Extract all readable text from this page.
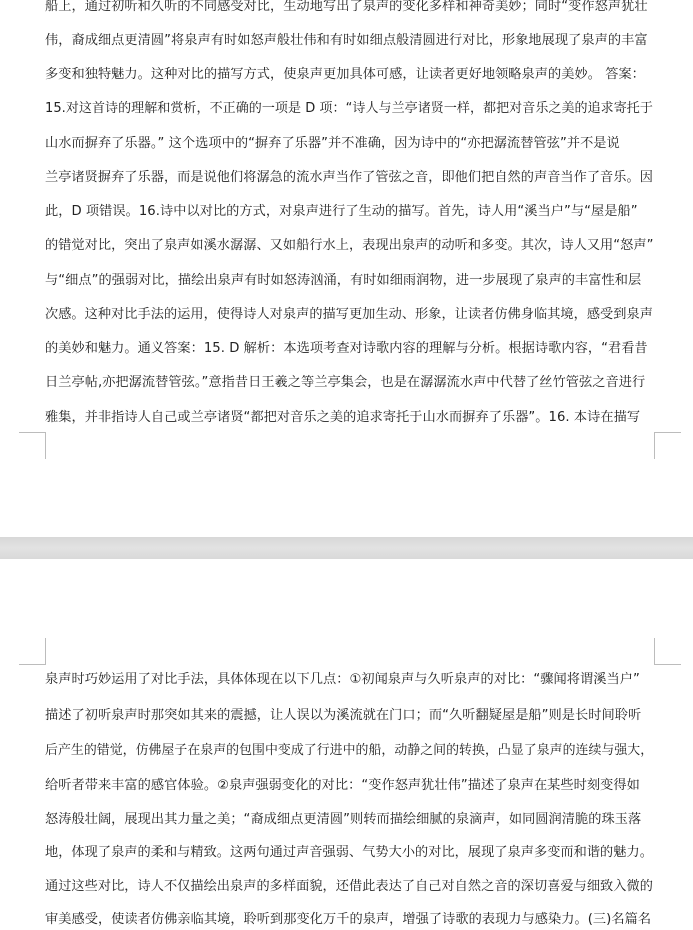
船上，通过初听和久听的不同感受对比，生动地写出了泉声的变化多样和神奇美妙；同时“变作怒声犹壮
伟，裔成细点更清圆”将泉声有时如怒声般壮伟和有时如细点般清圆进行对比，形象地展现了泉声的丰富
多变和独特魅力。这种对比的描写方式，使泉声更加具体可感，让读者更好地领略泉声的美妙。 答案：
15.对这首诗的理解和赏析，不正确的一项是 D 项：“诗人与兰亭诸贤一样，都把对音乐之美的追求寄托于
山水而摒弃了乐器。” 这个选项中的“摒弃了乐器”并不准确，因为诗中的“亦把潺流替管弦”并不是说
兰亭诸贤摒弃了乐器，而是说他们将潺急的流水声当作了管弦之音，即他们把自然的声音当作了音乐。因
此，D 项错误。16.诗中以对比的方式，对泉声进行了生动的描写。首先，诗人用“溪当户”与“屋是船”
的错觉对比，突出了泉声如溪水潺潺、又如船行水上，表现出泉声的动听和多变。其次，诗人又用“怒声”
与“细点”的强弱对比，描绘出泉声有时如怒涛汹涌，有时如细雨润物，进一步展现了泉声的丰富性和层
次感。这种对比手法的运用，使得诗人对泉声的描写更加生动、形象，让读者仿佛身临其境，感受到泉声
的美妙和魅力。通义答案：15. D 解析：本选项考查对诗歌内容的理解与分析。根据诗歌内容，“君看昔
日兰亭帖,亦把潺流替管弦。”意指昔日王羲之等兰亭集会，也是在潺潺流水声中代替了丝竹管弦之音进行
雅集，并非指诗人自己或兰亭诸贤“都把对音乐之美的追求寄托于山水而摒弃了乐器”。16. 本诗在描写
泉声时巧妙运用了对比手法，具体体现在以下几点：①初闻泉声与久听泉声的对比：“骤闻将谓溪当户”
描述了初听泉声时那突如其来的震撼，让人误以为溪流就在门口；而“久听翻疑屋是船”则是长时间聆听
后产生的错觉，仿佛屋子在泉声的包围中变成了行进中的船，动静之间的转换，凸显了泉声的连续与强大，
给听者带来丰富的感官体验。②泉声强弱变化的对比：“变作怒声犹壮伟”描述了泉声在某些时刻变得如
怒涛般壮阔，展现出其力量之美；“裔成细点更清圆”则转而描绘细腻的泉滴声，如同圆润清脆的珠玉落
地，体现了泉声的柔和与精致。这两句通过声音强弱、气势大小的对比，展现了泉声多变而和谐的魅力。
通过这些对比，诗人不仅描绘出泉声的多样面貌，还借此表达了自己对自然之音的深切喜爱与细致入微的
审美感受，使读者仿佛亲临其境，聆听到那变化万千的泉声，增强了诗歌的表现力与感染力。(三)名篇名
